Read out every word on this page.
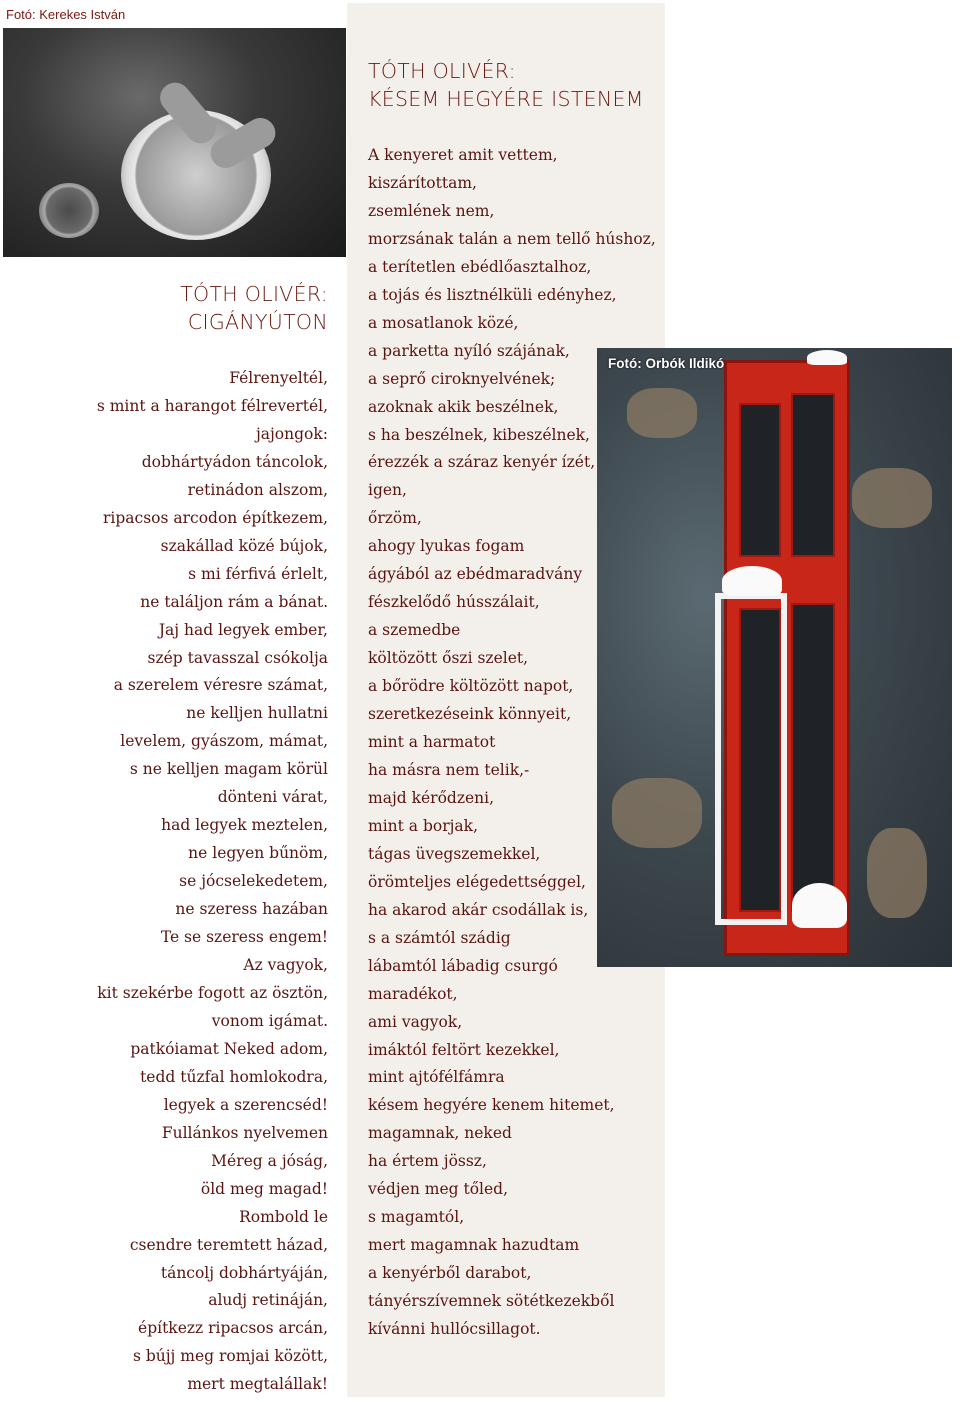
Fotó: Kerekes István
TÓTH OLIVÉR:
KÉSEM HEGYÉRE ISTENEM
A kenyeret amit vettem,
kiszárítottam,
zsemlének nem,
morzsának talán a nem tellő húshoz,
a terítetlen ebédlőasztalhoz,
a tojás és lisztnélküli edényhez,
a mosatlanok közé,
a parketta nyíló szájának,
a seprő ciroknyelvének;
azoknak akik beszélnek,
s ha beszélnek, kibeszélnek,
érezzék a száraz kenyér ízét,
igen,
őrzöm,
ahogy lyukas fogam
ágyából az ebédmaradvány
fészkelődő hússzálait,
a szemedbe
költözött őszi szelet,
a bőrödre költözött napot,
szeretkezéseink könnyeit,
mint a harmatot
ha másra nem telik,-
majd kérődzeni,
mint a borjak,
tágas üvegszemekkel,
örömteljes elégedettséggel,
ha akarod akár csodállak is,
s a számtól szádig
lábamtól lábadig csurgó
maradékot,
ami vagyok,
imáktól feltört kezekkel,
mint ajtófélfámra
késem hegyére kenem hitemet,
magamnak, neked
ha értem jössz,
védjen meg tőled,
s magamtól,
mert magamnak hazudtam
a kenyérből darabot,
tányérszívemnek sötétkezekből
kívánni hullócsillagot.
TÓTH OLIVÉR:
CIGÁNYÚTON
Félrenyeltél,
s mint a harangot félrevertél,
jajongok:
dobhártyádon táncolok,
retinádon alszom,
ripacsos arcodon építkezem,
szakállad közé bújok,
s mi férfivá érlelt,
ne találjon rám a bánat.
Jaj had legyek ember,
szép tavasszal csókolja
a szerelem véresre számat,
ne kelljen hullatni
levelem, gyászom, mámat,
s ne kelljen magam körül
dönteni várat,
had legyek meztelen,
ne legyen bűnöm,
se jócselekedetem,
ne szeress hazában
Te se szeress engem!
Az vagyok,
kit szekérbe fogott az ösztön,
vonom igámat.
patkóiamat Neked adom,
tedd tűzfal homlokodra,
legyek a szerencséd!
Fullánkos nyelvemen
Méreg a jóság,
öld meg magad!
Rombold le
csendre teremtett házad,
táncolj dobhártyáján,
aludj retináján,
építkezz ripacsos arcán,
s bújj meg romjai között,
mert megtalállak!
Fotó: Orbók Ildikó
